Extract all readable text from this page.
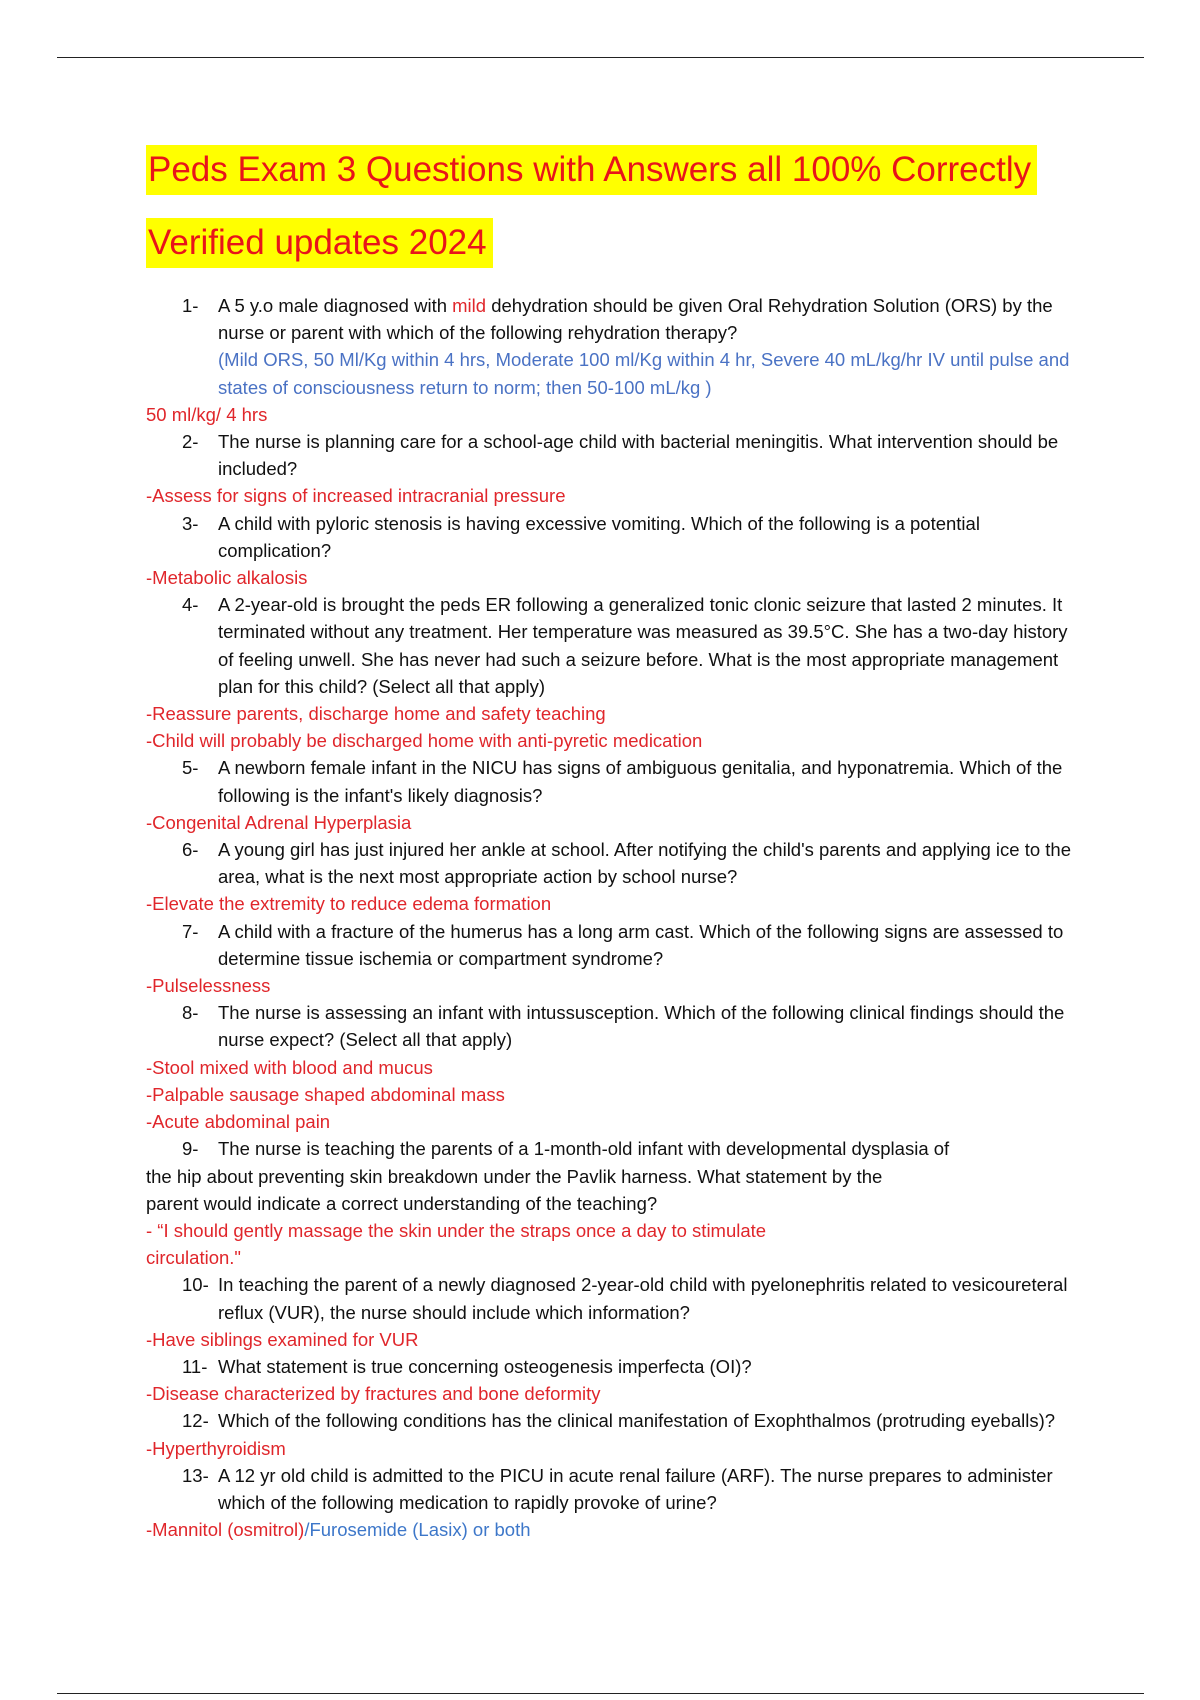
Peds Exam 3 Questions with Answers all 100% Correctly
Verified updates 2024
1-	A 5 y.o male diagnosed with mild dehydration should be given Oral Rehydration Solution (ORS) by the nurse or parent with which of the following rehydration therapy?
(Mild ORS, 50 Ml/Kg within 4 hrs, Moderate 100 ml/Kg within 4 hr, Severe 40 mL/kg/hr IV until pulse and states of consciousness return to norm; then 50-100 mL/kg )
50 ml/kg/ 4 hrs
2-	The nurse is planning care for a school-age child with bacterial meningitis. What intervention should be included?
-Assess for signs of increased intracranial pressure
3-	A child with pyloric stenosis is having excessive vomiting. Which of the following is a potential complication?
-Metabolic alkalosis
4-	A 2-year-old is brought the peds ER following a generalized tonic clonic seizure that lasted 2 minutes. It terminated without any treatment. Her temperature was measured as 39.5°C. She has a two-day history of feeling unwell. She has never had such a seizure before. What is the most appropriate management plan for this child? (Select all that apply)
-Reassure parents, discharge home and safety teaching
-Child will probably be discharged home with anti-pyretic medication
5-	A newborn female infant in the NICU has signs of ambiguous genitalia, and hyponatremia. Which of the following is the infant's likely diagnosis?
-Congenital Adrenal Hyperplasia
6-	A young girl has just injured her ankle at school. After notifying the child's parents and applying ice to the area, what is the next most appropriate action by school nurse?
-Elevate the extremity to reduce edema formation
7-	A child with a fracture of the humerus has a long arm cast. Which of the following signs are assessed to determine tissue ischemia or compartment syndrome?
-Pulselessness
8-	The nurse is assessing an infant with intussusception. Which of the following clinical findings should the nurse expect? (Select all that apply)
-Stool mixed with blood and mucus
-Palpable sausage shaped abdominal mass
-Acute abdominal pain
9-	The nurse is teaching the parents of a 1-month-old infant with developmental dysplasia of
the hip about preventing skin breakdown under the Pavlik harness. What statement by the
parent would indicate a correct understanding of the teaching?
- “I should gently massage the skin under the straps once a day to stimulate
circulation."
10- In teaching the parent of a newly diagnosed 2-year-old child with pyelonephritis related to vesicoureteral reflux (VUR), the nurse should include which information?
-Have siblings examined for VUR
11- What statement is true concerning osteogenesis imperfecta (OI)?
-Disease characterized by fractures and bone deformity
12- Which of the following conditions has the clinical manifestation of Exophthalmos (protruding eyeballs)?
-Hyperthyroidism
13- A 12 yr old child is admitted to the PICU in acute renal failure (ARF). The nurse prepares to administer which of the following medication to rapidly provoke of urine?
-Mannitol (osmitrol)/Furosemide (Lasix) or both
